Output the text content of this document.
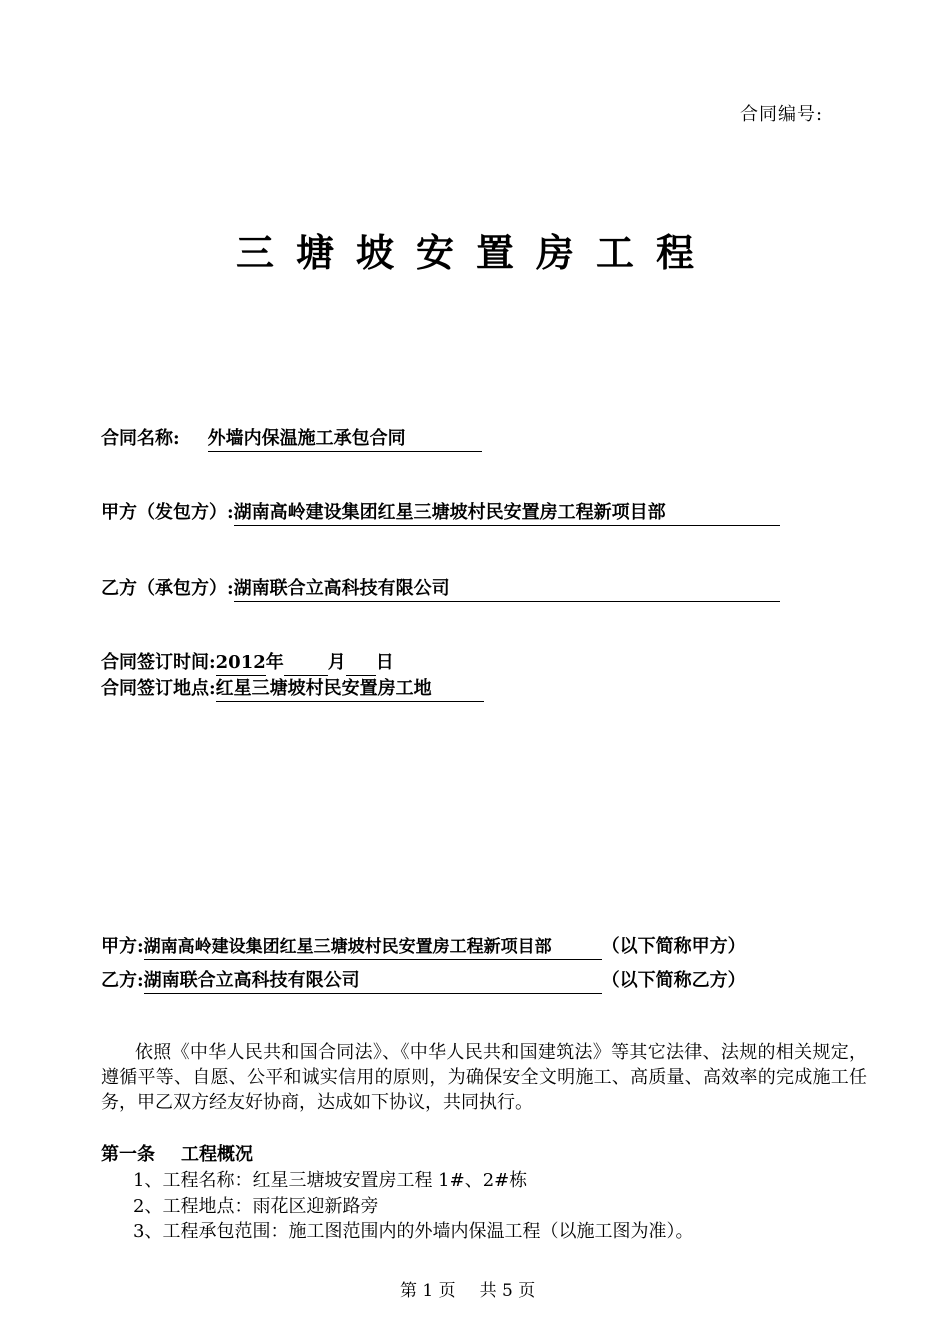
合同编号:
三塘坡安置房工程
合同名称: 外墙内保温施工承包合同
甲方（发包方）:湖南高岭建设集团红星三塘坡村民安置房工程新项目部
乙方（承包方）:湖南联合立高科技有限公司
合同签订时间:2012年 月 日
合同签订地点:红星三塘坡村民安置房工地
甲方:湖南高岭建设集团红星三塘坡村民安置房工程新项目部	（以下简称甲方）
乙方:湖南联合立高科技有限公司	（以下简称乙方）
依照《中华人民共和国合同法》、《中华人民共和国建筑法》等其它法律、法规的相关规定，遵循平等、自愿、公平和诚实信用的原则，为确保安全文明施工、高质量、高效率的完成施工任务，甲乙双方经友好协商，达成如下协议，共同执行。
第一条 工程概况
1、工程名称：红星三塘坡安置房工程 1#、2#栋
2、工程地点：雨花区迎新路旁
3、工程承包范围：施工图范围内的外墙内保温工程（以施工图为准）。
第 1 页 共 5 页
